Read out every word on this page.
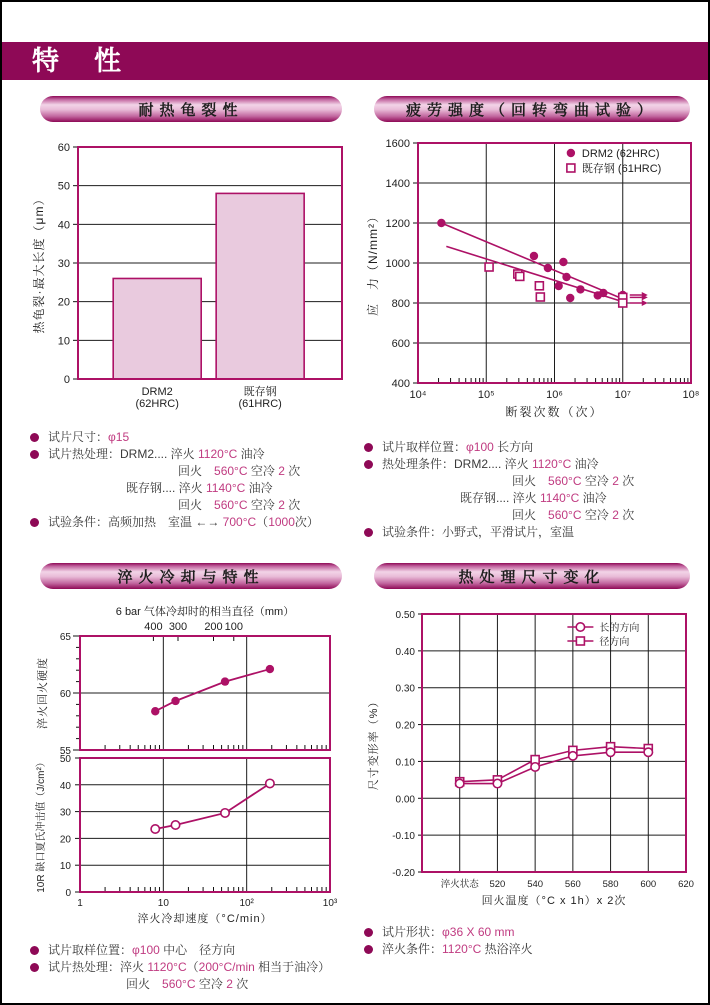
特　性
耐热龟裂性
0
10
20
30
40
50
60
DRM2
(62HRC)
既存钢
(61HRC)
热龟裂·最大长度（μm）
试片尺寸：φ15
试片热处理：DRM2.... 淬火 1120°C 油冷
回火　560°C 空冷 2 次
既存钢.... 淬火 1140°C 油冷
回火　560°C 空冷 2 次
试验条件：高频加热　室温 ←→ 700°C（1000次）
疲劳强度（回转弯曲试验）
400
600
800
1000
1200
1400
1600
10⁴	10⁵	10⁶	10⁷	10⁸
DRM2 (62HRC)
既存钢 (61HRC)
断裂次数（次）
应　力（N/mm²）
试片取样位置：φ100 长方向
热处理条件：DRM2.... 淬火 1120°C 油冷
回火　560°C 空冷 2 次
既存钢.... 淬火 1140°C 油冷
回火　560°C 空冷 2 次
试验条件：小野式，平滑试片，室温
淬火冷却与特性
6 bar 气体冷却时的相当直径（mm）
400 300 200 100
55
60
65
淬火回火硬度
0
10
20
30
40
50
1	10	10²	10³
10R 缺口夏氏冲击值（J/cm²）
淬火冷却速度（°C/min）
试片取样位置：φ100 中心　径方向
试片热处理：淬火 1120°C（200°C/min 相当于油冷）
回火　560°C 空冷 2 次
热处理尺寸变化
0.50
0.40
0.30
0.20
0.10
0.00
-0.10
-0.20
淬火状态 520 540 560 580 600 620
长的方向
径方向
回火温度（°C x 1h）x 2次
尺寸变形率（%）
试片形状：φ36 X 60 mm
淬火条件：1120°C 热浴淬火
